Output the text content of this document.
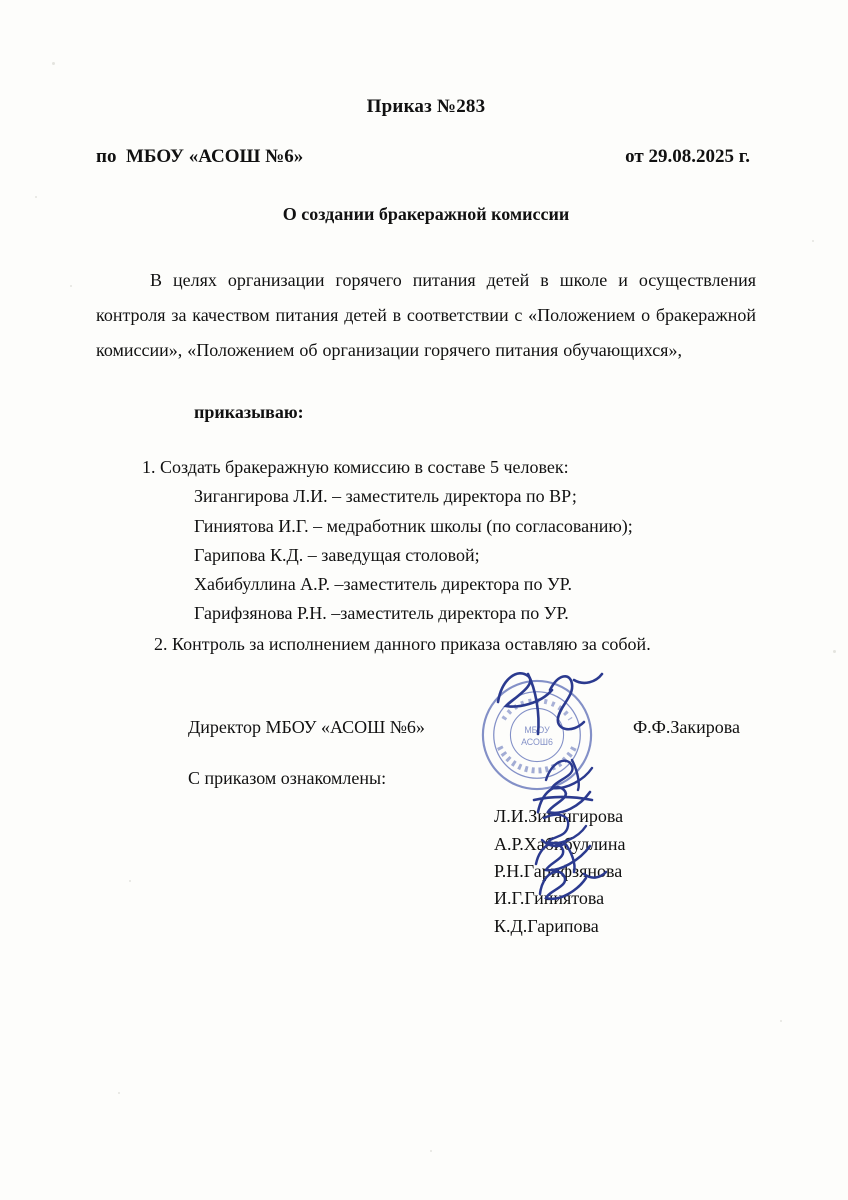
Приказ №283
по МБОУ «АСОШ №6»	от 29.08.2025 г.
О создании бракеражной комиссии

В целях организации горячего питания детей в школе и осуществления контроля за качеством питания детей в соответствии с «Положением о бракеражной комиссии», «Положением об организации горячего питания обучающихся»,

приказываю:
1. Создать бракеражную комиссию в составе 5 человек:
Зигангирова Л.И. – заместитель директора по ВР;
Гиниятова И.Г. – медработник школы (по согласованию);
Гарипова К.Д. – заведущая столовой;
Хабибуллина А.Р. –заместитель директора по УР.
Гарифзянова Р.Н. –заместитель директора по УР.
2. Контроль за исполнением данного приказа оставляю за собой.
Директор МБОУ «АСОШ №6»	Ф.Ф.Закирова
С приказом ознакомлены:
Л.И.Зигангирова
А.Р.Хабибуллина
Р.Н.Гарифзянова
И.Г.Гиниятова
К.Д.Гарипова
МБОУ
АСОШ6
